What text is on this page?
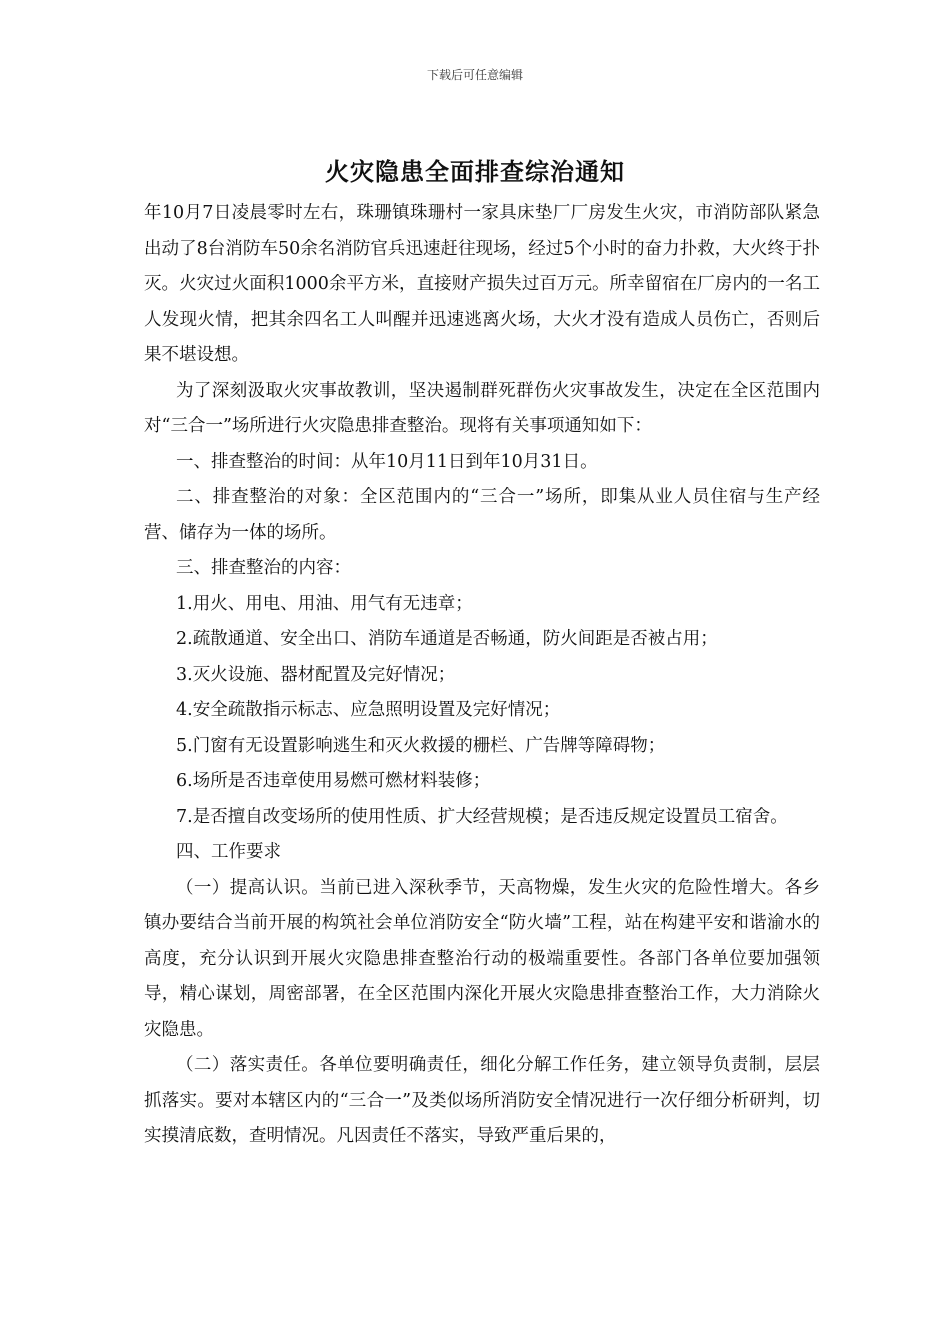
下载后可任意编辑
火灾隐患全面排查综治通知

年10月7日凌晨零时左右，珠珊镇珠珊村一家具床垫厂厂房发生火灾，市消防部队紧急出动了8台消防车50余名消防官兵迅速赶往现场，经过5个小时的奋力扑救，大火终于扑灭。火灾过火面积1000余平方米，直接财产损失过百万元。所幸留宿在厂房内的一名工人发现火情，把其余四名工人叫醒并迅速逃离火场，大火才没有造成人员伤亡，否则后果不堪设想。

为了深刻汲取火灾事故教训，坚决遏制群死群伤火灾事故发生，决定在全区范围内对“三合一”场所进行火灾隐患排查整治。现将有关事项通知如下：

一、排查整治的时间：从年10月11日到年10月31日。

二、排查整治的对象：全区范围内的“三合一”场所，即集从业人员住宿与生产经营、储存为一体的场所。

三、排查整治的内容：

1.用火、用电、用油、用气有无违章；

2.疏散通道、安全出口、消防车通道是否畅通，防火间距是否被占用；

3.灭火设施、器材配置及完好情况；

4.安全疏散指示标志、应急照明设置及完好情况；

5.门窗有无设置影响逃生和灭火救援的栅栏、广告牌等障碍物；

6.场所是否违章使用易燃可燃材料装修；

7.是否擅自改变场所的使用性质、扩大经营规模；是否违反规定设置员工宿舍。

四、工作要求

（一）提高认识。当前已进入深秋季节，天高物燥，发生火灾的危险性增大。各乡镇办要结合当前开展的构筑社会单位消防安全“防火墙”工程，站在构建平安和谐渝水的高度，充分认识到开展火灾隐患排查整治行动的极端重要性。各部门各单位要加强领导，精心谋划，周密部署，在全区范围内深化开展火灾隐患排查整治工作，大力消除火灾隐患。

（二）落实责任。各单位要明确责任，细化分解工作任务，建立领导负责制，层层抓落实。要对本辖区内的“三合一”及类似场所消防安全情况进行一次仔细分析研判，切实摸清底数，查明情况。凡因责任不落实，导致严重后果的，
